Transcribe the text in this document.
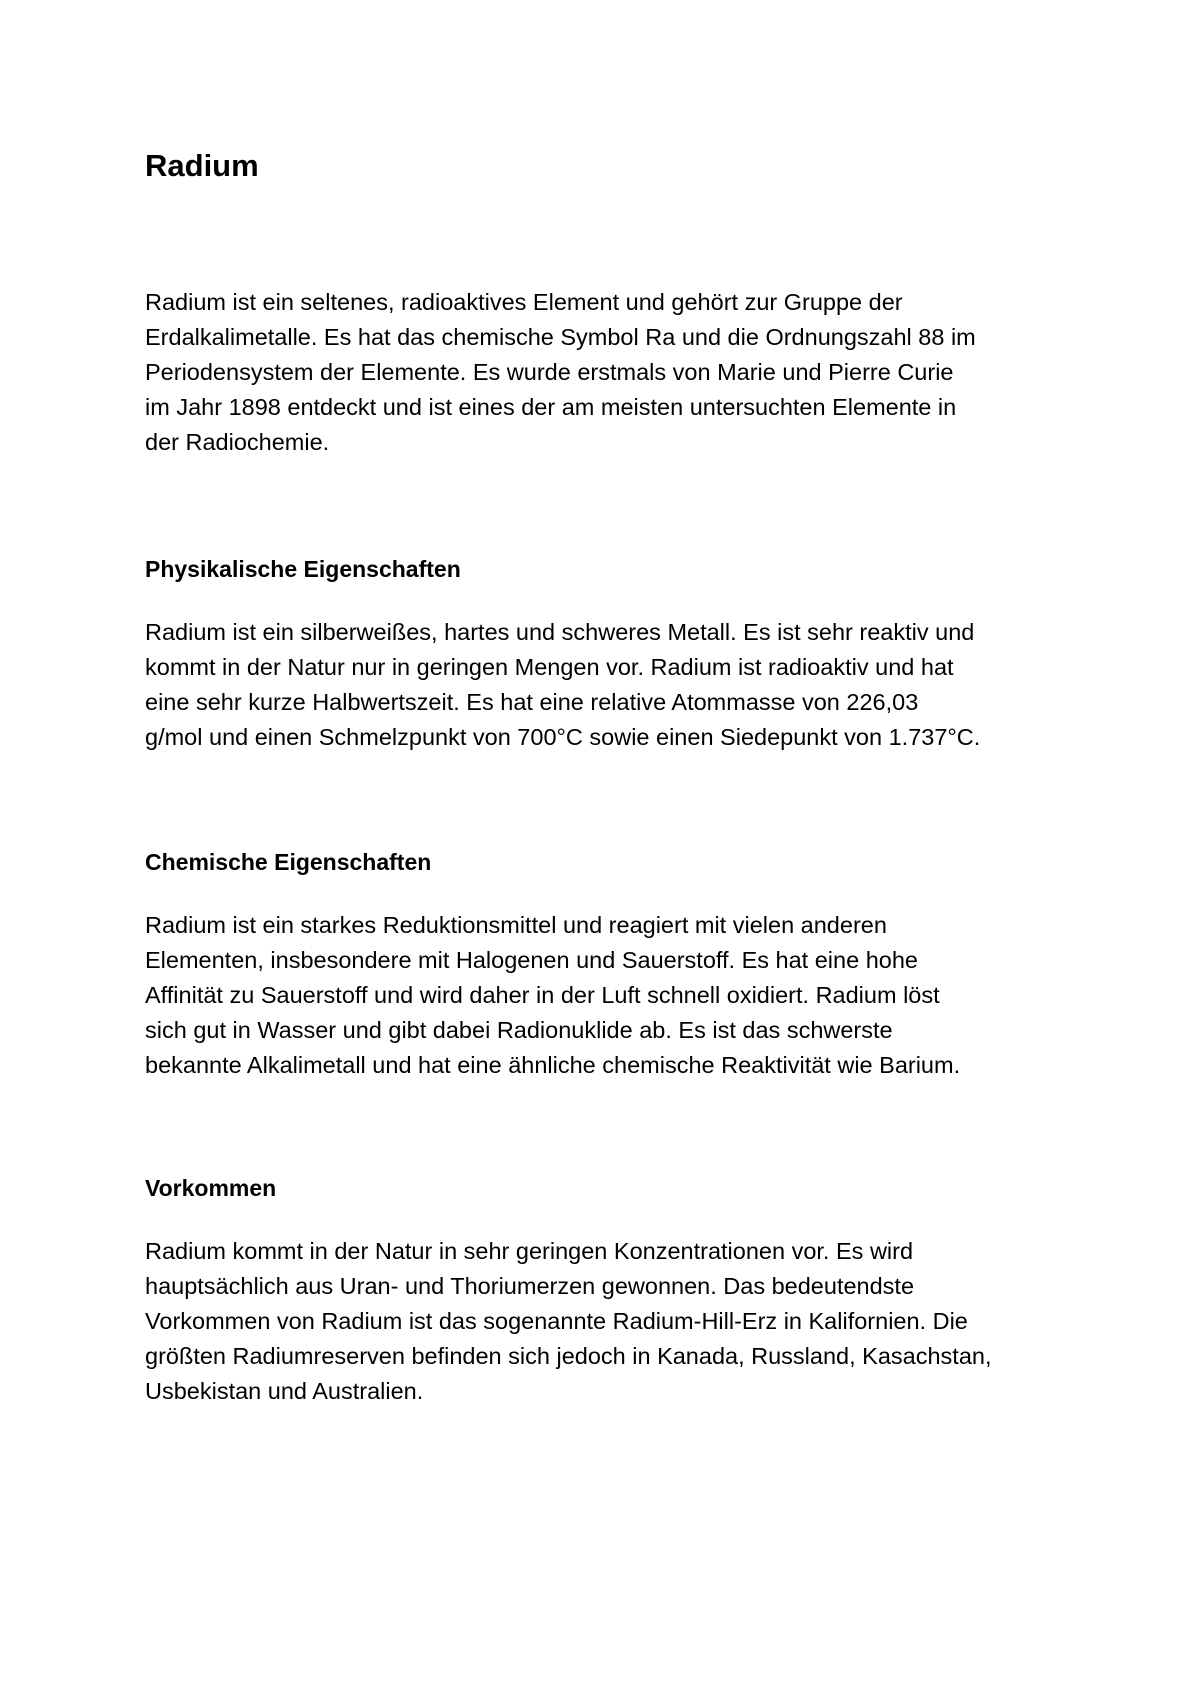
Radium

Radium ist ein seltenes, radioaktives Element und gehört zur Gruppe der
Erdalkalimetalle. Es hat das chemische Symbol Ra und die Ordnungszahl 88 im
Periodensystem der Elemente. Es wurde erstmals von Marie und Pierre Curie
im Jahr 1898 entdeckt und ist eines der am meisten untersuchten Elemente in
der Radiochemie.

Physikalische Eigenschaften

Radium ist ein silberweißes, hartes und schweres Metall. Es ist sehr reaktiv und
kommt in der Natur nur in geringen Mengen vor. Radium ist radioaktiv und hat
eine sehr kurze Halbwertszeit. Es hat eine relative Atommasse von 226,03
g/mol und einen Schmelzpunkt von 700°C sowie einen Siedepunkt von 1.737°C.

Chemische Eigenschaften

Radium ist ein starkes Reduktionsmittel und reagiert mit vielen anderen
Elementen, insbesondere mit Halogenen und Sauerstoff. Es hat eine hohe
Affinität zu Sauerstoff und wird daher in der Luft schnell oxidiert. Radium löst
sich gut in Wasser und gibt dabei Radionuklide ab. Es ist das schwerste
bekannte Alkalimetall und hat eine ähnliche chemische Reaktivität wie Barium.

Vorkommen

Radium kommt in der Natur in sehr geringen Konzentrationen vor. Es wird
hauptsächlich aus Uran- und Thoriumerzen gewonnen. Das bedeutendste
Vorkommen von Radium ist das sogenannte Radium-Hill-Erz in Kalifornien. Die
größten Radiumreserven befinden sich jedoch in Kanada, Russland, Kasachstan,
Usbekistan und Australien.
